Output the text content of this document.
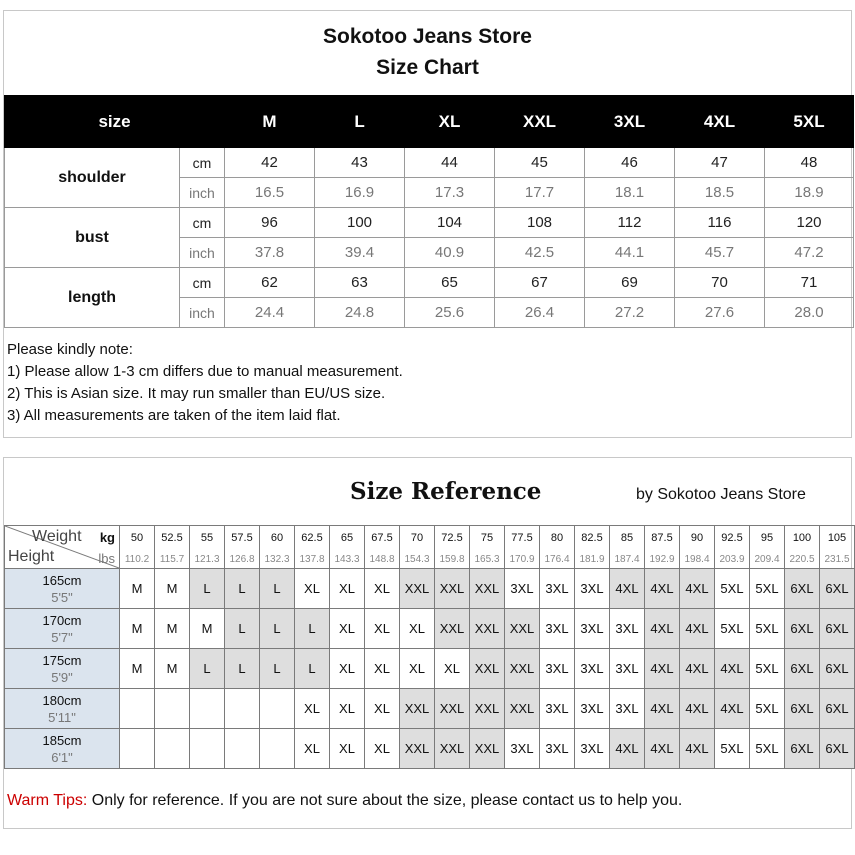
Sokotoo Jeans Store
Size Chart
size		M	L	XL	XXL	3XL	4XL	5XL
shoulder	cm	42	43	44	45	46	47	48
	inch	16.5	16.9	17.3	17.7	18.1	18.5	18.9
bust	cm	96	100	104	108	112	116	120
	inch	37.8	39.4	40.9	42.5	44.1	45.7	47.2
length	cm	62	63	65	67	69	70	71
	inch	24.4	24.8	25.6	26.4	27.2	27.6	28.0
Please kindly note:
1) Please allow 1-3 cm differs due to manual measurement.
2) This is Asian size. It may run smaller than EU/US size.
3) All measurements are taken of the item laid flat.
Size Reference	by Sokotoo Jeans Store
Weight kg
Height lbs	50	52.5	55	57.5	60	62.5	65	67.5	70	72.5	75	77.5	80	82.5	85	87.5	90	92.5	95	100	105
	110.2	115.7	121.3	126.8	132.3	137.8	143.3	148.8	154.3	159.8	165.3	170.9	176.4	181.9	187.4	192.9	198.4	203.9	209.4	220.5	231.5

165cm
5'5"	M	M	L	L	L	XL	XL	XL	XXL	XXL	XXL	3XL	3XL	3XL	4XL	4XL	4XL	5XL	5XL	6XL	6XL

170cm
5'7"	M	M	M	L	L	L	XL	XL	XL	XXL	XXL	XXL	3XL	3XL	3XL	4XL	4XL	5XL	5XL	6XL	6XL

175cm
5'9"	M	M	L	L	L	L	XL	XL	XL	XL	XXL	XXL	3XL	3XL	3XL	4XL	4XL	4XL	5XL	6XL	6XL

180cm
5'11"						XL	XL	XL	XXL	XXL	XXL	XXL	3XL	3XL	3XL	4XL	4XL	4XL	5XL	6XL	6XL

185cm
6'1"						XL	XL	XL	XXL	XXL	XXL	3XL	3XL	3XL	4XL	4XL	4XL	5XL	5XL	6XL	6XL
Warm Tips: Only for reference. If you are not sure about the size, please contact us to help you.
